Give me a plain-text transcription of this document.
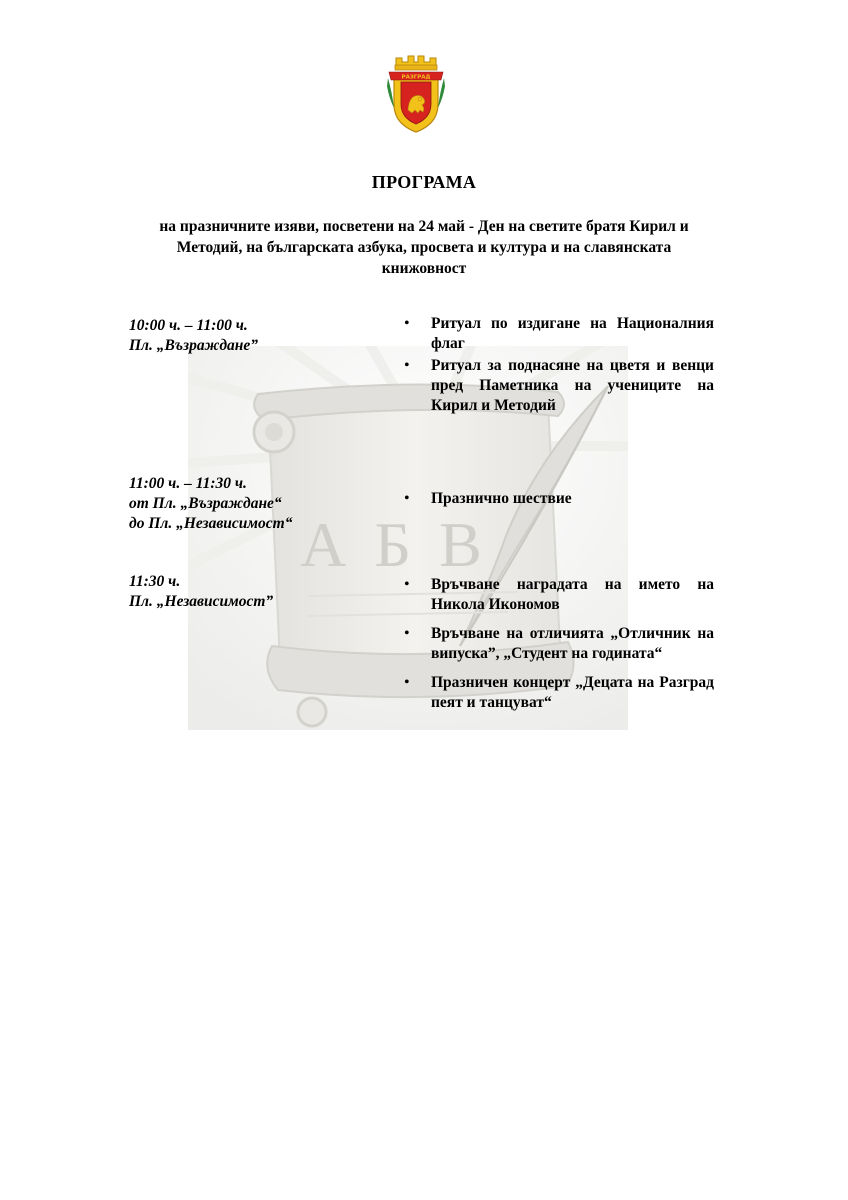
РАЗГРАД
А Б В
ПРОГРАМА
на празничните изяви, посветени на 24 май - Ден на светите братя Кирил и
Методий, на българската азбука, просвета и култура и на славянската
книжовност
10:00 ч. – 11:00 ч.
Пл. „Възраждане”
• Ритуал по издигане на Националния флаг
• Ритуал за поднасяне на цветя и венци пред Паметника на учениците на Кирил и Методий
11:00 ч. – 11:30 ч.
от Пл. „Възраждане“
до Пл. „Независимост“
• Празнично шествие
11:30 ч.
Пл. „Независимост”
• Връчване наградата на името на Никола Икономов
• Връчване на отличията „Отличник на випуска”, „Студент на годината“
• Празничен концерт „Децата на Разград пеят и танцуват“
